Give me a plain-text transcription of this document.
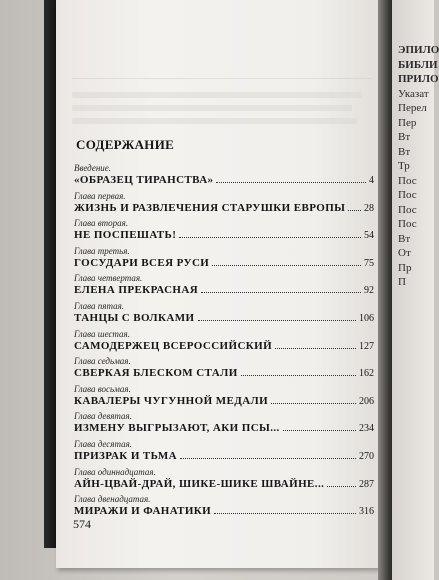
СОДЕРЖАНИЕ
Введение.
«ОБРАЗЕЦ ТИРАНСТВА»	4
Глава первая.
ЖИЗНЬ И РАЗВЛЕЧЕНИЯ СТАРУШКИ ЕВРОПЫ 28
Глава вторая.
НЕ ПОСПЕШАТЬ!	54
Глава третья.
ГОСУДАРИ ВСЕЯ РУСИ	75
Глава четвертая.
ЕЛЕНА ПРЕКРАСНАЯ	92
Глава пятая.
ТАНЦЫ С ВОЛКАМИ	106
Глава шестая.
САМОДЕРЖЕЦ ВСЕРОССИЙСКИЙ	127
Глава седьмая.
СВЕРКАЯ БЛЕСКОМ СТАЛИ	162
Глава восьмая.
КАВАЛЕРЫ ЧУГУННОЙ МЕДАЛИ	206
Глава девятая.
ИЗМЕНУ ВЫГРЫЗАЮТ, АКИ ПСЫ...	234
Глава десятая.
ПРИЗРАК И ТЬМА	270
Глава одиннадцатая.
АЙН-ЦВАЙ-ДРАЙ, ШИКЕ-ШИКЕ ШВАЙНЕ...	287
Глава двенадцатая.
МИРАЖИ И ФАНАТИКИ	316
574
ЭПИЛО
БИБЛИ
ПРИЛО
Указат
Перел
Пер
Вт
Вт
Тр
Пос
Пос
Пос
Пос
Вт
От
Пр
П
